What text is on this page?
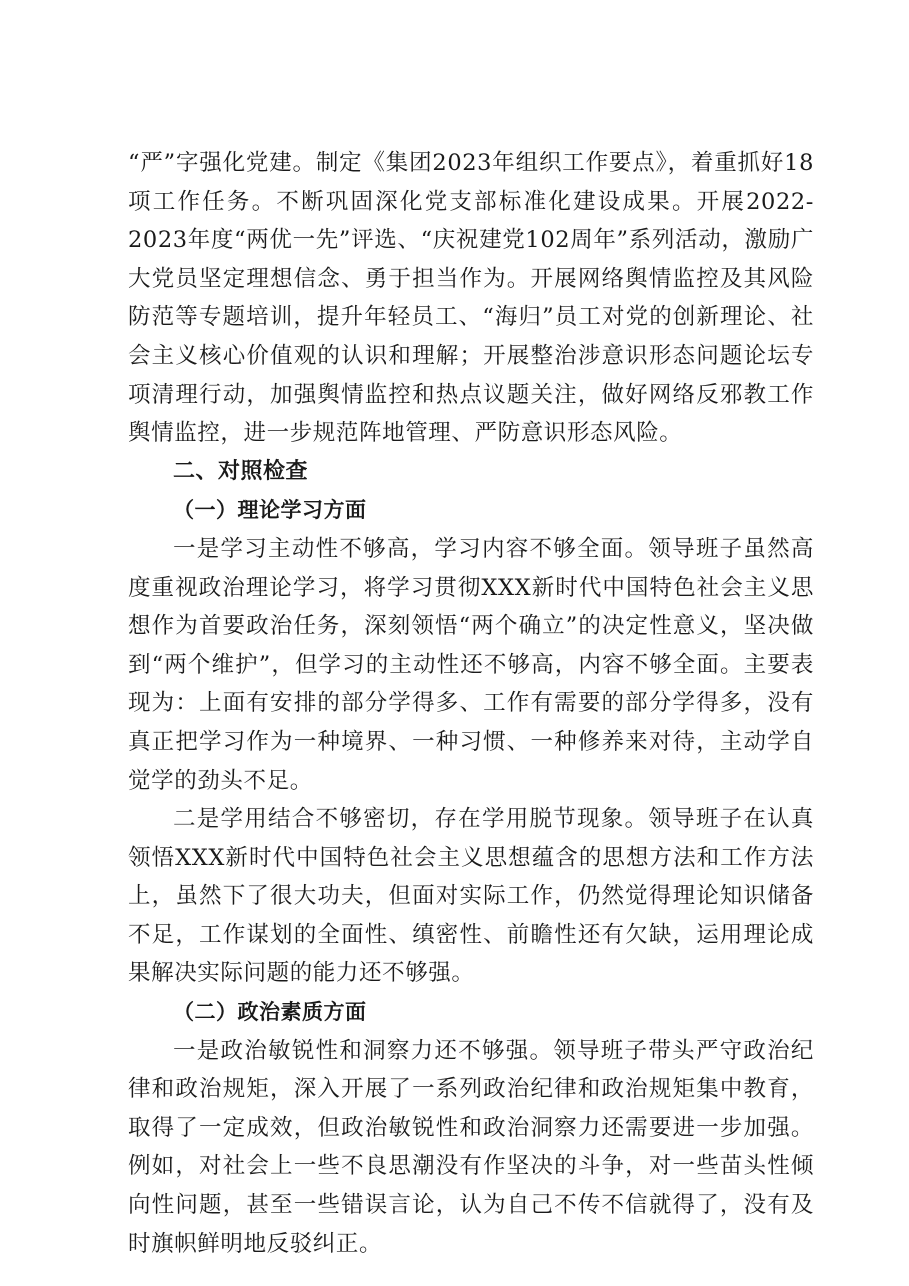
“严”字强化党建。制定《集团2023年组织工作要点》，着重抓好18项工作任务。不断巩固深化党支部标准化建设成果。开展2022-2023年度“两优一先”评选、“庆祝建党102周年”系列活动，激励广大党员坚定理想信念、勇于担当作为。开展网络舆情监控及其风险防范等专题培训，提升年轻员工、“海归”员工对党的创新理论、社会主义核心价值观的认识和理解；开展整治涉意识形态问题论坛专项清理行动，加强舆情监控和热点议题关注，做好网络反邪教工作舆情监控，进一步规范阵地管理、严防意识形态风险。

二、对照检查

（一）理论学习方面

一是学习主动性不够高，学习内容不够全面。领导班子虽然高度重视政治理论学习，将学习贯彻XXX新时代中国特色社会主义思想作为首要政治任务，深刻领悟“两个确立”的决定性意义，坚决做到“两个维护”，但学习的主动性还不够高，内容不够全面。主要表现为：上面有安排的部分学得多、工作有需要的部分学得多，没有真正把学习作为一种境界、一种习惯、一种修养来对待，主动学自觉学的劲头不足。

二是学用结合不够密切，存在学用脱节现象。领导班子在认真领悟XXX新时代中国特色社会主义思想蕴含的思想方法和工作方法上，虽然下了很大功夫，但面对实际工作，仍然觉得理论知识储备不足，工作谋划的全面性、缜密性、前瞻性还有欠缺，运用理论成果解决实际问题的能力还不够强。

（二）政治素质方面

一是政治敏锐性和洞察力还不够强。领导班子带头严守政治纪律和政治规矩，深入开展了一系列政治纪律和政治规矩集中教育，取得了一定成效，但政治敏锐性和政治洞察力还需要进一步加强。例如，对社会上一些不良思潮没有作坚决的斗争，对一些苗头性倾向性问题，甚至一些错误言论，认为自己不传不信就得了，没有及时旗帜鲜明地反驳纠正。
